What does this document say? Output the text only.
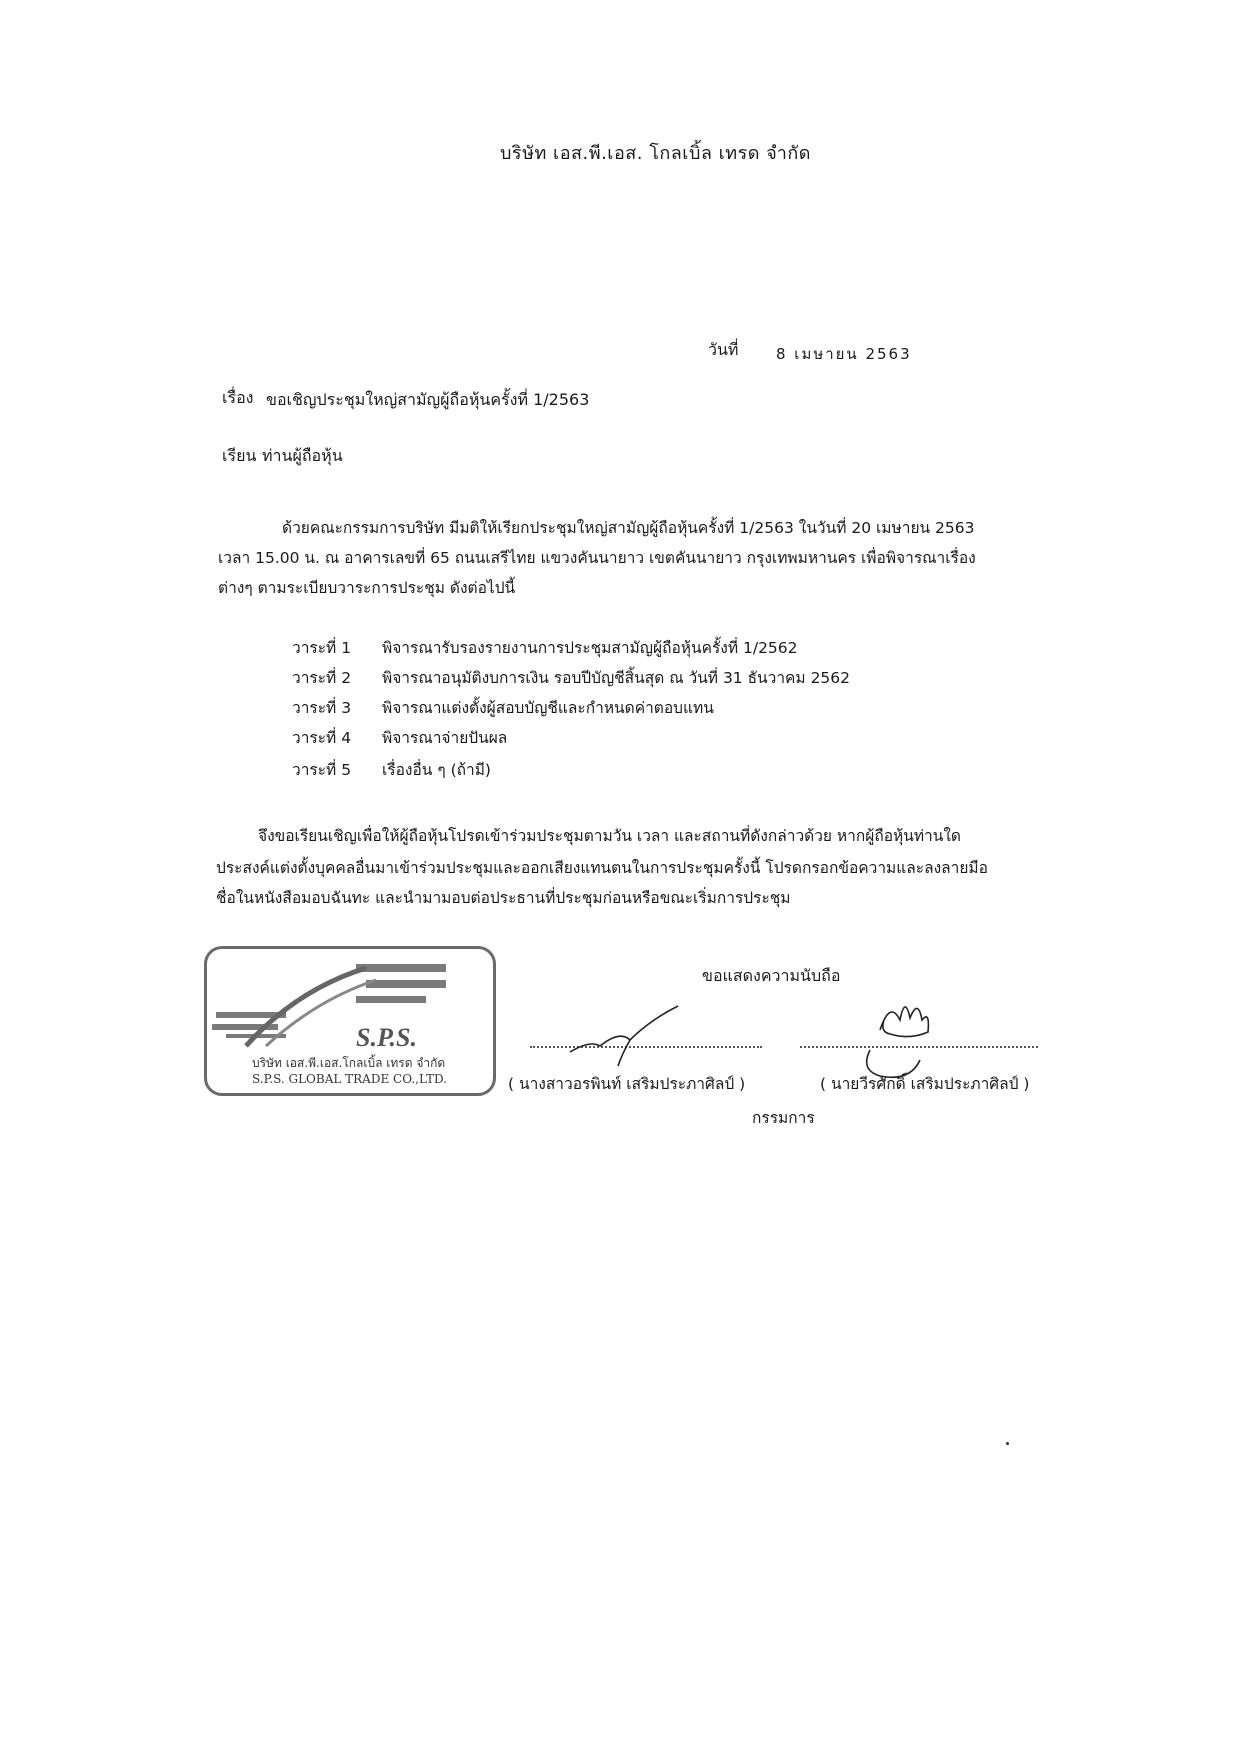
บริษัท เอส.พี.เอส. โกลเบิ้ล เทรด จำกัด
วันที่	8 เมษายน 2563
เรื่อง ขอเชิญประชุมใหญ่สามัญผู้ถือหุ้นครั้งที่ 1/2563
เรียน ท่านผู้ถือหุ้น
ด้วยคณะกรรมการบริษัท มีมติให้เรียกประชุมใหญ่สามัญผู้ถือหุ้นครั้งที่ 1/2563 ในวันที่ 20 เมษายน 2563
เวลา 15.00 น. ณ อาคารเลขที่ 65 ถนนเสรีไทย แขวงคันนายาว เขตคันนายาว กรุงเทพมหานคร เพื่อพิจารณาเรื่อง
ต่างๆ ตามระเบียบวาระการประชุม ดังต่อไปนี้
วาระที่ 1 พิจารณารับรองรายงานการประชุมสามัญผู้ถือหุ้นครั้งที่ 1/2562
วาระที่ 2 พิจารณาอนุมัติงบการเงิน รอบปีบัญชีสิ้นสุด ณ วันที่ 31 ธันวาคม 2562
วาระที่ 3 พิจารณาแต่งตั้งผู้สอบบัญชีและกำหนดค่าตอบแทน
วาระที่ 4 พิจารณาจ่ายปันผล
วาระที่ 5 เรื่องอื่น ๆ (ถ้ามี)
จึงขอเรียนเชิญเพื่อให้ผู้ถือหุ้นโปรดเข้าร่วมประชุมตามวัน เวลา และสถานที่ดังกล่าวด้วย หากผู้ถือหุ้นท่านใด
ประสงค์แต่งตั้งบุคคลอื่นมาเข้าร่วมประชุมและออกเสียงแทนตนในการประชุมครั้งนี้ โปรดกรอกข้อความและลงลายมือ
ชื่อในหนังสือมอบฉันทะ และนำมามอบต่อประธานที่ประชุมก่อนหรือขณะเริ่มการประชุม
ขอแสดงความนับถือ
S.P.S.
บริษัท เอส.พี.เอส.โกลเบิ้ล เทรด จำกัด
S.P.S. GLOBAL TRADE CO.,LTD.	( นางสาวอรพินท์ เสริมประภาศิลป์ )	( นายวีรศักดิ์ เสริมประภาศิลป์ )
กรรมการ
